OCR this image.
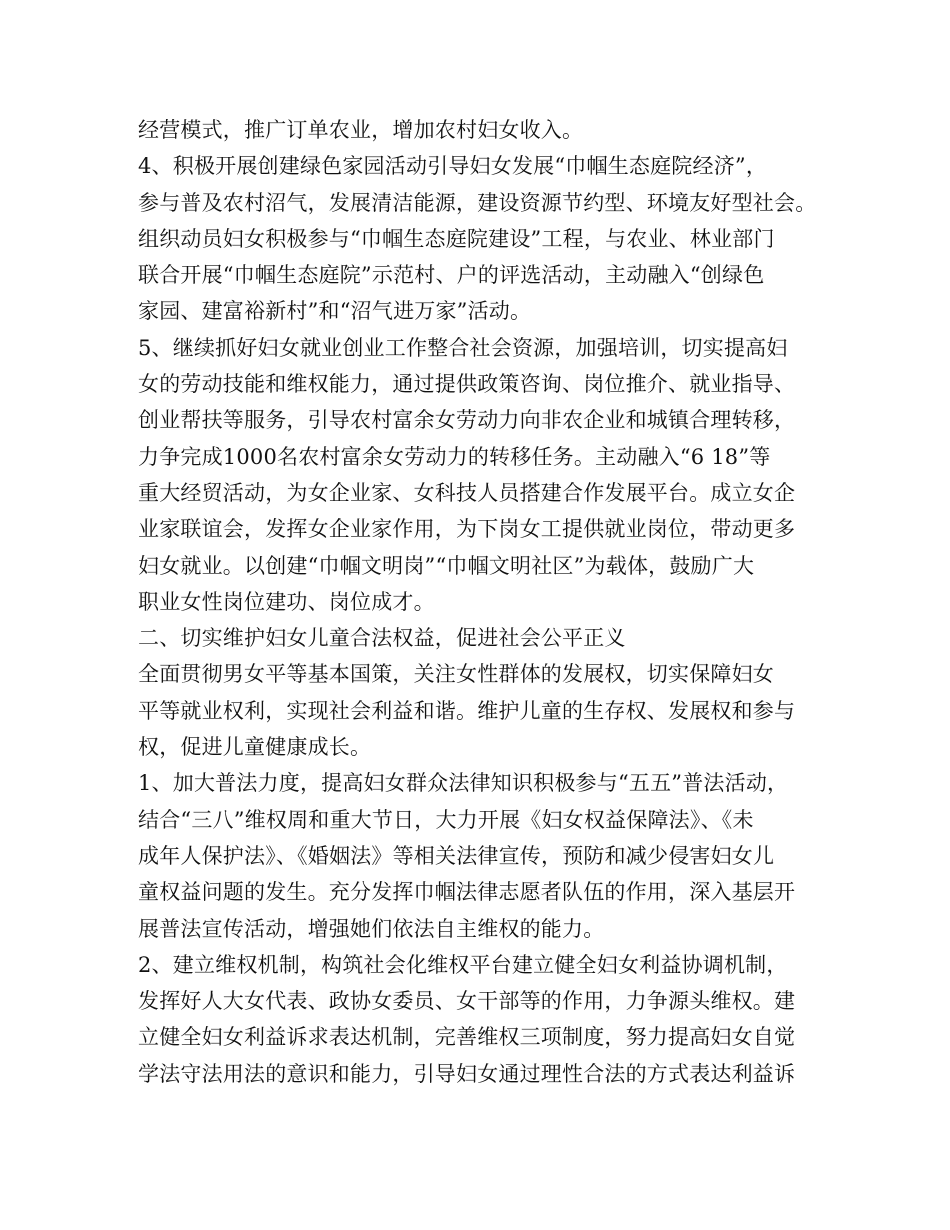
经营模式，推广订单农业，增加农村妇女收入。
4、积极开展创建绿色家园活动引导妇女发展“巾帼生态庭院经济”，
参与普及农村沼气，发展清洁能源，建设资源节约型、环境友好型社会。
组织动员妇女积极参与“巾帼生态庭院建设”工程，与农业、林业部门
联合开展“巾帼生态庭院”示范村、户的评选活动，主动融入“创绿色
家园、建富裕新村”和“沼气进万家”活动。
5、继续抓好妇女就业创业工作整合社会资源，加强培训，切实提高妇
女的劳动技能和维权能力，通过提供政策咨询、岗位推介、就业指导、
创业帮扶等服务，引导农村富余女劳动力向非农企业和城镇合理转移，
力争完成1000名农村富余女劳动力的转移任务。主动融入“6 18”等
重大经贸活动，为女企业家、女科技人员搭建合作发展平台。成立女企
业家联谊会，发挥女企业家作用，为下岗女工提供就业岗位，带动更多
妇女就业。以创建“巾帼文明岗”“巾帼文明社区”为载体，鼓励广大
职业女性岗位建功、岗位成才。
二、切实维护妇女儿童合法权益，促进社会公平正义
全面贯彻男女平等基本国策，关注女性群体的发展权，切实保障妇女
平等就业权利，实现社会利益和谐。维护儿童的生存权、发展权和参与
权，促进儿童健康成长。
1、加大普法力度，提高妇女群众法律知识积极参与“五五”普法活动，
结合“三八”维权周和重大节日，大力开展《妇女权益保障法》、《未
成年人保护法》、《婚姻法》等相关法律宣传，预防和减少侵害妇女儿
童权益问题的发生。充分发挥巾帼法律志愿者队伍的作用，深入基层开
展普法宣传活动，增强她们依法自主维权的能力。
2、建立维权机制，构筑社会化维权平台建立健全妇女利益协调机制，
发挥好人大女代表、政协女委员、女干部等的作用，力争源头维权。建
立健全妇女利益诉求表达机制，完善维权三项制度，努力提高妇女自觉
学法守法用法的意识和能力，引导妇女通过理性合法的方式表达利益诉
